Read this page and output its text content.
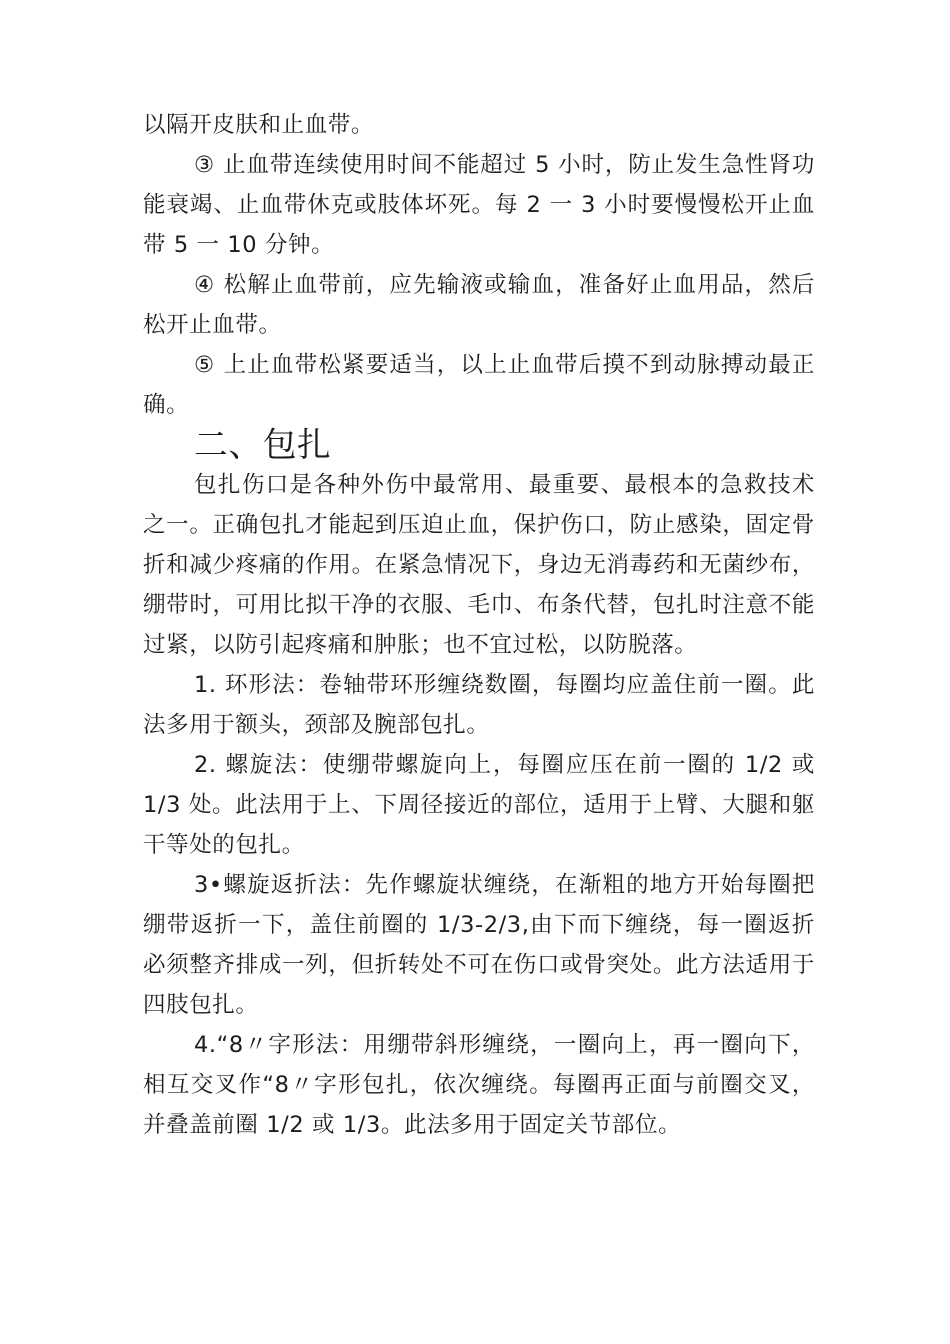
以隔开皮肤和止血带。

③ 止血带连续使用时间不能超过 5 小时，防止发生急性肾功能衰竭、止血带休克或肢体坏死。每 2 一 3 小时要慢慢松开止血带 5 一 10 分钟。

④ 松解止血带前，应先输液或输血，准备好止血用品，然后松开止血带。

⑤ 上止血带松紧要适当，以上止血带后摸不到动脉搏动最正确。

二、包扎

包扎伤口是各种外伤中最常用、最重要、最根本的急救技术之一。正确包扎才能起到压迫止血，保护伤口，防止感染，固定骨折和减少疼痛的作用。在紧急情况下，身边无消毒药和无菌纱布，绷带时，可用比拟干净的衣服、毛巾、布条代替，包扎时注意不能过紧，以防引起疼痛和肿胀；也不宜过松，以防脱落。

1. 环形法：卷轴带环形缠绕数圈，每圈均应盖住前一圈。此法多用于额头，颈部及腕部包扎。

2. 螺旋法：使绷带螺旋向上，每圈应压在前一圈的 1/2 或 1/3 处。此法用于上、下周径接近的部位，适用于上臂、大腿和躯干等处的包扎。

3•螺旋返折法：先作螺旋状缠绕，在渐粗的地方开始每圈把绷带返折一下，盖住前圈的 1/3-2/3,由下而下缠绕，每一圈返折必须整齐排成一列，但折转处不可在伤口或骨突处。此方法适用于四肢包扎。

4.“8〃字形法：用绷带斜形缠绕，一圈向上，再一圈向下，相互交叉作“8〃字形包扎，依次缠绕。每圈再正面与前圈交叉，并叠盖前圈 1/2 或 1/3。此法多用于固定关节部位。
